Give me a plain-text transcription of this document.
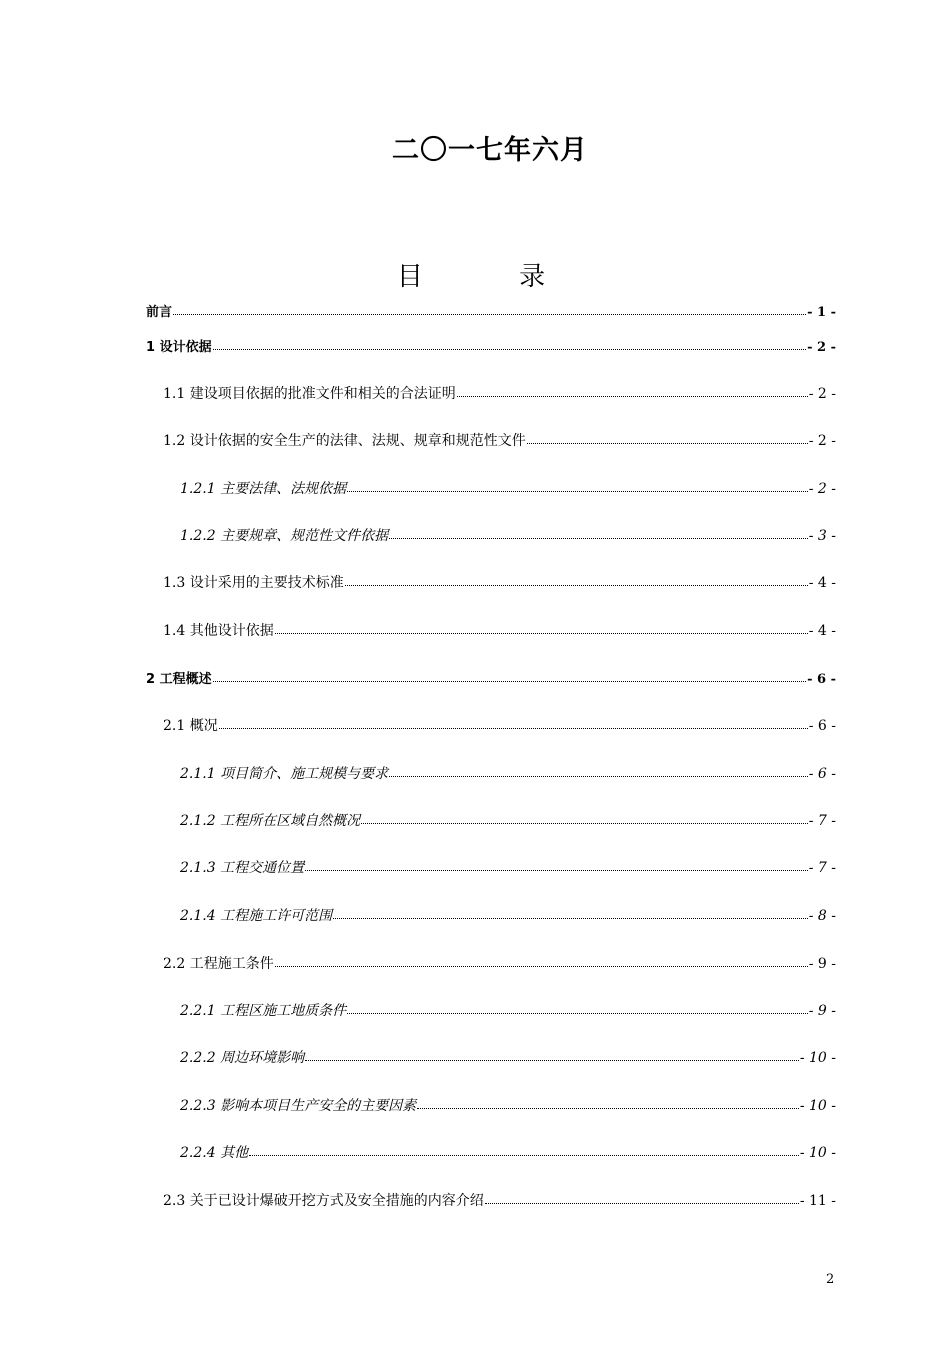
二〇一七年六月
目 录
前言	- 1 -
1 设计依据	- 2 -
1.1 建设项目依据的批准文件和相关的合法证明	- 2 -
1.2 设计依据的安全生产的法律、法规、规章和规范性文件	- 2 -
1.2.1 主要法律、法规依据	- 2 -
1.2.2 主要规章、规范性文件依据	- 3 -
1.3 设计采用的主要技术标准	- 4 -
1.4 其他设计依据	- 4 -
2 工程概述	- 6 -
2.1 概况	- 6 -
2.1.1 项目简介、施工规模与要求	- 6 -
2.1.2 工程所在区域自然概况	- 7 -
2.1.3 工程交通位置	- 7 -
2.1.4 工程施工许可范围	- 8 -
2.2 工程施工条件	- 9 -
2.2.1 工程区施工地质条件	- 9 -
2.2.2 周边环境影响	- 10 -
2.2.3 影响本项目生产安全的主要因素	- 10 -
2.2.4 其他	- 10 -
2.3 关于已设计爆破开挖方式及安全措施的内容介绍	- 11 -
2
